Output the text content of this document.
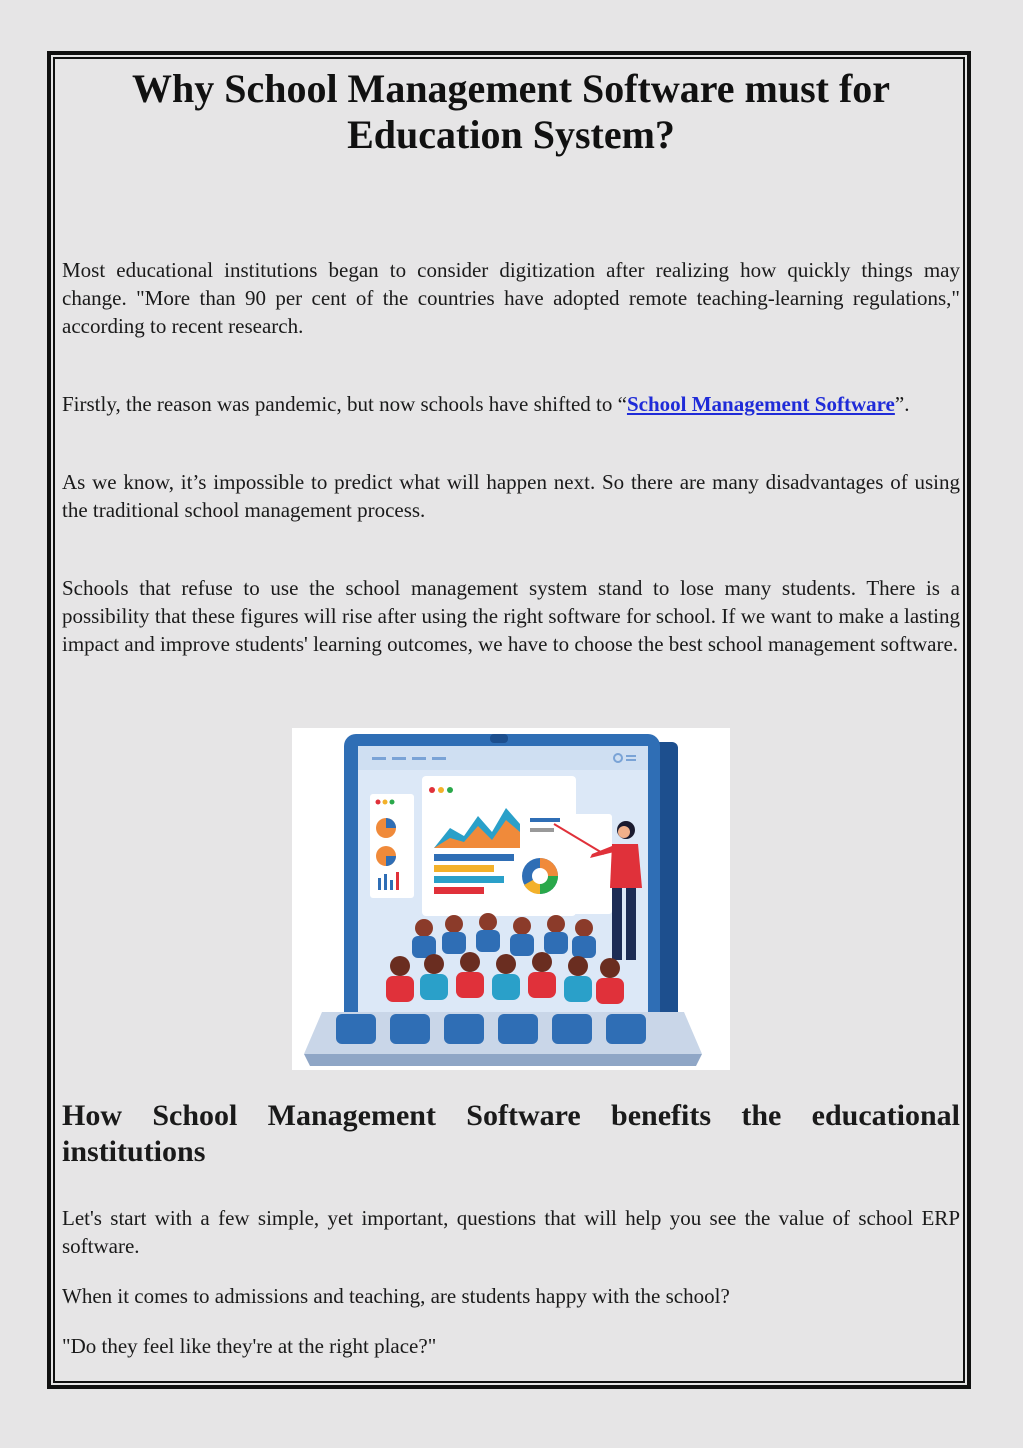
Why School Management Software must for Education System?

Most educational institutions began to consider digitization after realizing how quickly things may change. "More than 90 per cent of the countries have adopted remote teaching-learning regulations," according to recent research.

Firstly, the reason was pandemic, but now schools have shifted to “School Management Software”.

As we know, it’s impossible to predict what will happen next. So there are many disadvantages of using the traditional school management process.

Schools that refuse to use the school management system stand to lose many students. There is a possibility that these figures will rise after using the right software for school. If we want to make a lasting impact and improve students' learning outcomes, we have to choose the best school management software.

How School Management Software benefits the educational institutions

Let's start with a few simple, yet important, questions that will help you see the value of school ERP software.

When it comes to admissions and teaching, are students happy with the school?

"Do they feel like they're at the right place?"
